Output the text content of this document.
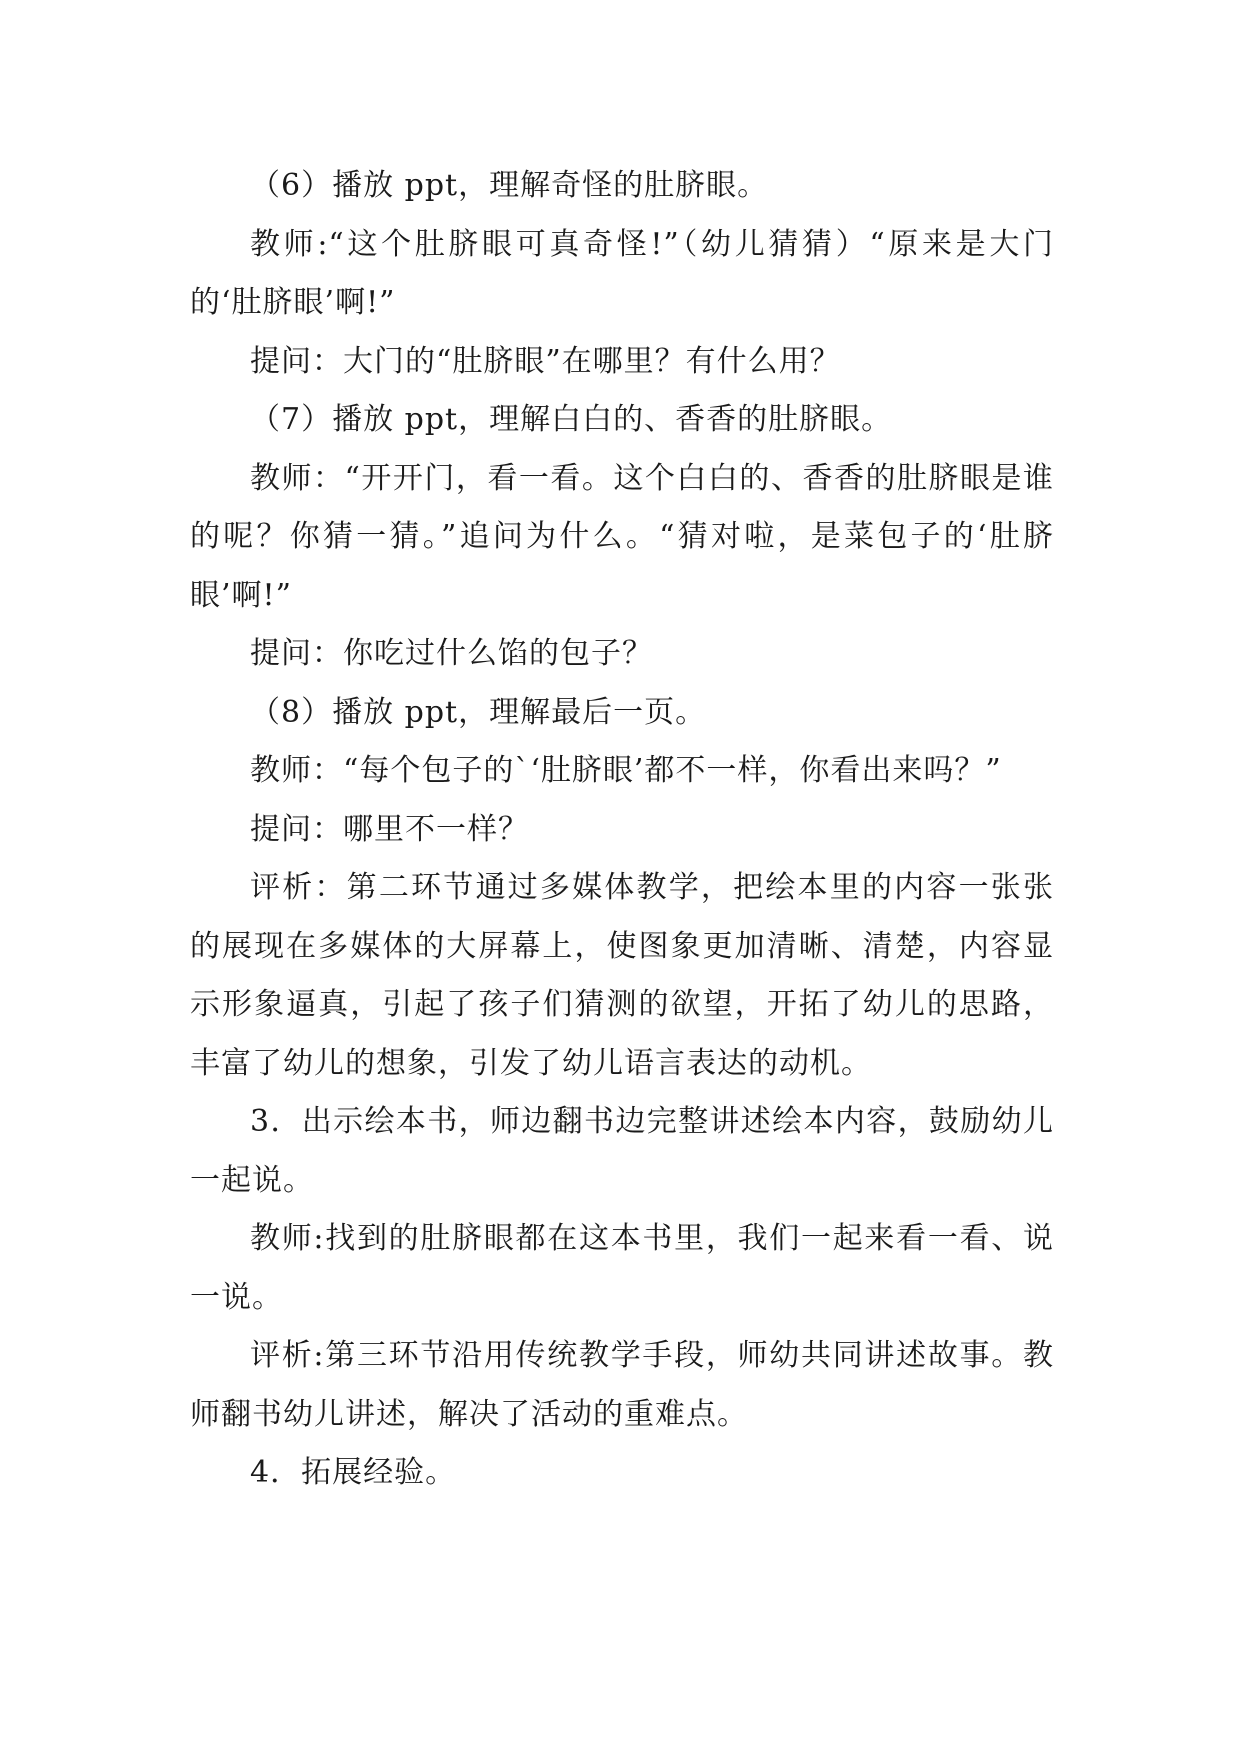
（6）播放 ppt，理解奇怪的肚脐眼。

教师:“这个肚脐眼可真奇怪!”（幼儿猜猜）“原来是大门的‘肚脐眼’啊!”

提问：大门的“肚脐眼”在哪里？有什么用？

（7）播放 ppt，理解白白的、香香的肚脐眼。

教师：“开开门，看一看。这个白白的、香香的肚脐眼是谁的呢？你猜一猜。”追问为什么。“猜对啦，是菜包子的‘肚脐眼’啊!”

提问：你吃过什么馅的包子？

（8）播放 ppt，理解最后一页。

教师：“每个包子的`‘肚脐眼’都不一样，你看出来吗？”

提问：哪里不一样？

评析：第二环节通过多媒体教学，把绘本里的内容一张张的展现在多媒体的大屏幕上，使图象更加清晰、清楚，内容显示形象逼真，引起了孩子们猜测的欲望，开拓了幼儿的思路，丰富了幼儿的想象，引发了幼儿语言表达的动机。

3．出示绘本书，师边翻书边完整讲述绘本内容，鼓励幼儿一起说。

教师:找到的肚脐眼都在这本书里，我们一起来看一看、说一说。

评析:第三环节沿用传统教学手段，师幼共同讲述故事。教师翻书幼儿讲述，解决了活动的重难点。

4．拓展经验。
